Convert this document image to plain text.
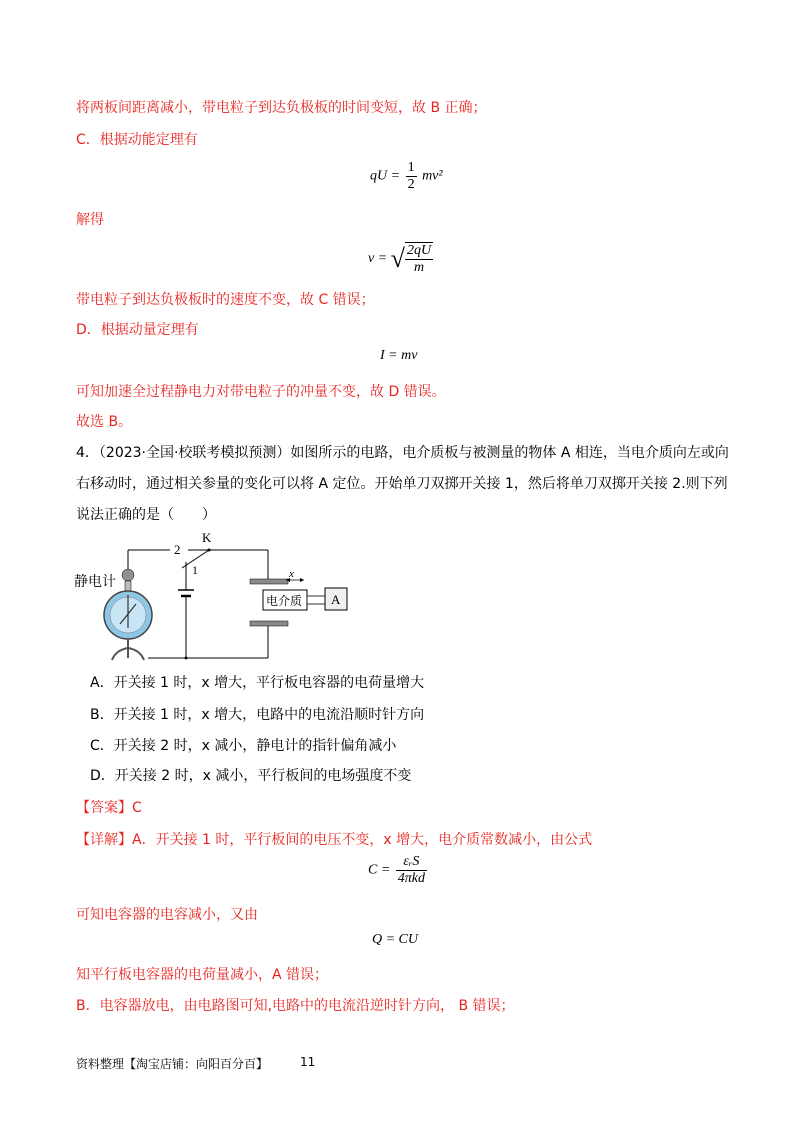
将两板间距离减小，带电粒子到达负极板的时间变短，故 B 正确；
C．根据动能定理有
qU = $\frac{1}{2} mv^2$
解得
v = √ $\frac{2qU}{m}$
带电粒子到达负极板时的速度不变，故 C 错误；
D．根据动量定理有
I = mv
可知加速全过程静电力对带电粒子的冲量不变，故 D 错误。
故选 B。
4．（2023·全国·校联考模拟预测）如图所示的电路，电介质板与被测量的物体 A 相连，当电介质向左或向
右移动时，通过相关参量的变化可以将 A 定位。开始单刀双掷开关接 1，然后将单刀双掷开关接 2.则下列
说法正确的是（　　）
2
K
1	x
电介质 A
静电计
A．开关接 1 时，x 增大，平行板电容器的电荷量增大
B．开关接 1 时，x 增大，电路中的电流沿顺时针方向
C．开关接 2 时，x 减小，静电计的指针偏角减小
D．开关接 2 时，x 减小，平行板间的电场强度不变
【答案】C
【详解】A．开关接 1 时，平行板间的电压不变，x 增大，电介质常数减小，由公式
$C = \frac{\text{εᵣS}}{\text{4πkd}}$
可知电容器的电容减小，又由
Q = CU
知平行板电容器的电荷量减小，A 错误；
B．电容器放电，由电路图可知,电路中的电流沿逆时针方向， B 错误；
资料整理【淘宝店铺：向阳百分百】	11
